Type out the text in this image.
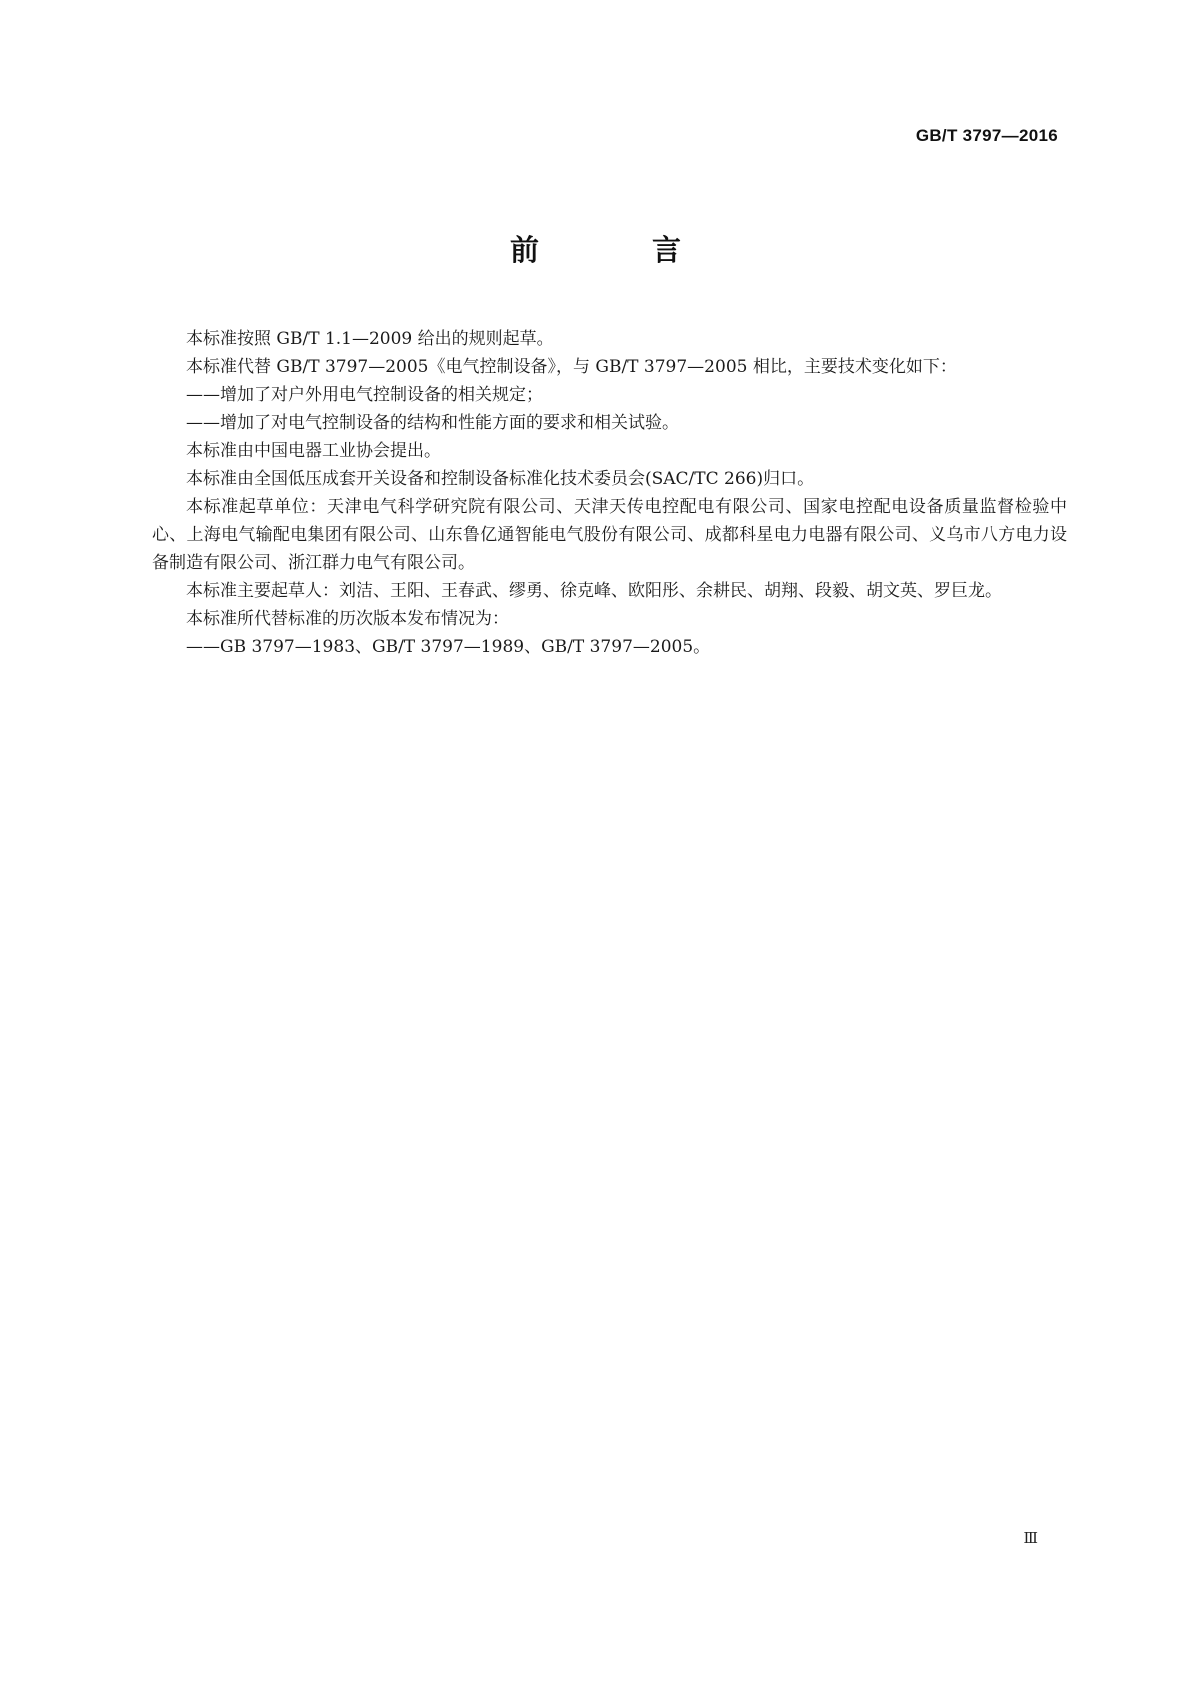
GB/T 3797—2016
前　言

本标准按照 GB/T 1.1—2009 给出的规则起草。

本标准代替 GB/T 3797—2005《电气控制设备》，与 GB/T 3797—2005 相比，主要技术变化如下：

——增加了对户外用电气控制设备的相关规定；

——增加了对电气控制设备的结构和性能方面的要求和相关试验。

本标准由中国电器工业协会提出。

本标准由全国低压成套开关设备和控制设备标准化技术委员会(SAC/TC 266)归口。

本标准起草单位：天津电气科学研究院有限公司、天津天传电控配电有限公司、国家电控配电设备质量监督检验中心、上海电气输配电集团有限公司、山东鲁亿通智能电气股份有限公司、成都科星电力电器有限公司、义乌市八方电力设备制造有限公司、浙江群力电气有限公司。

本标准主要起草人：刘洁、王阳、王春武、缪勇、徐克峰、欧阳彤、余耕民、胡翔、段毅、胡文英、罗巨龙。

本标准所代替标准的历次版本发布情况为：

——GB 3797—1983、GB/T 3797—1989、GB/T 3797—2005。

Ⅲ
